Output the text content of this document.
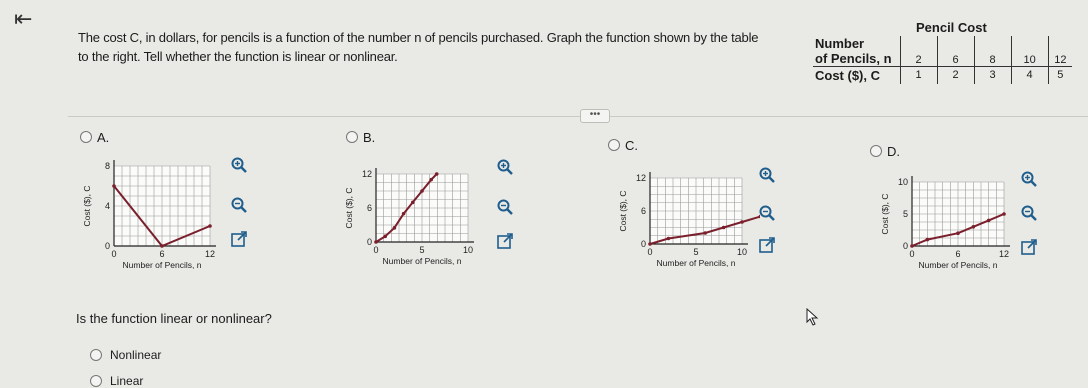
⇤
The cost C, in dollars, for pencils is a function of the number n of pencils purchased. Graph the function shown by the table to the right. Tell whether the function is linear or nonlinear.
Pencil Cost
Number
of Pencils, n	2	6	8	10	12
Cost ($), C	1	2	3	4	5
•••
A.	B.
C.	D.
0	6	12
0
4
8
Number of Pencils, n
Cost ($), C
0	5	10
0
6
12
Number of Pencils, n
Cost ($), C
0	5	10
0
6
12
Number of Pencils, n
Cost ($), C
0	6	12
0
5
10
Number of Pencils, n
Cost ($), C
Is the function linear or nonlinear?
Nonlinear
Linear
